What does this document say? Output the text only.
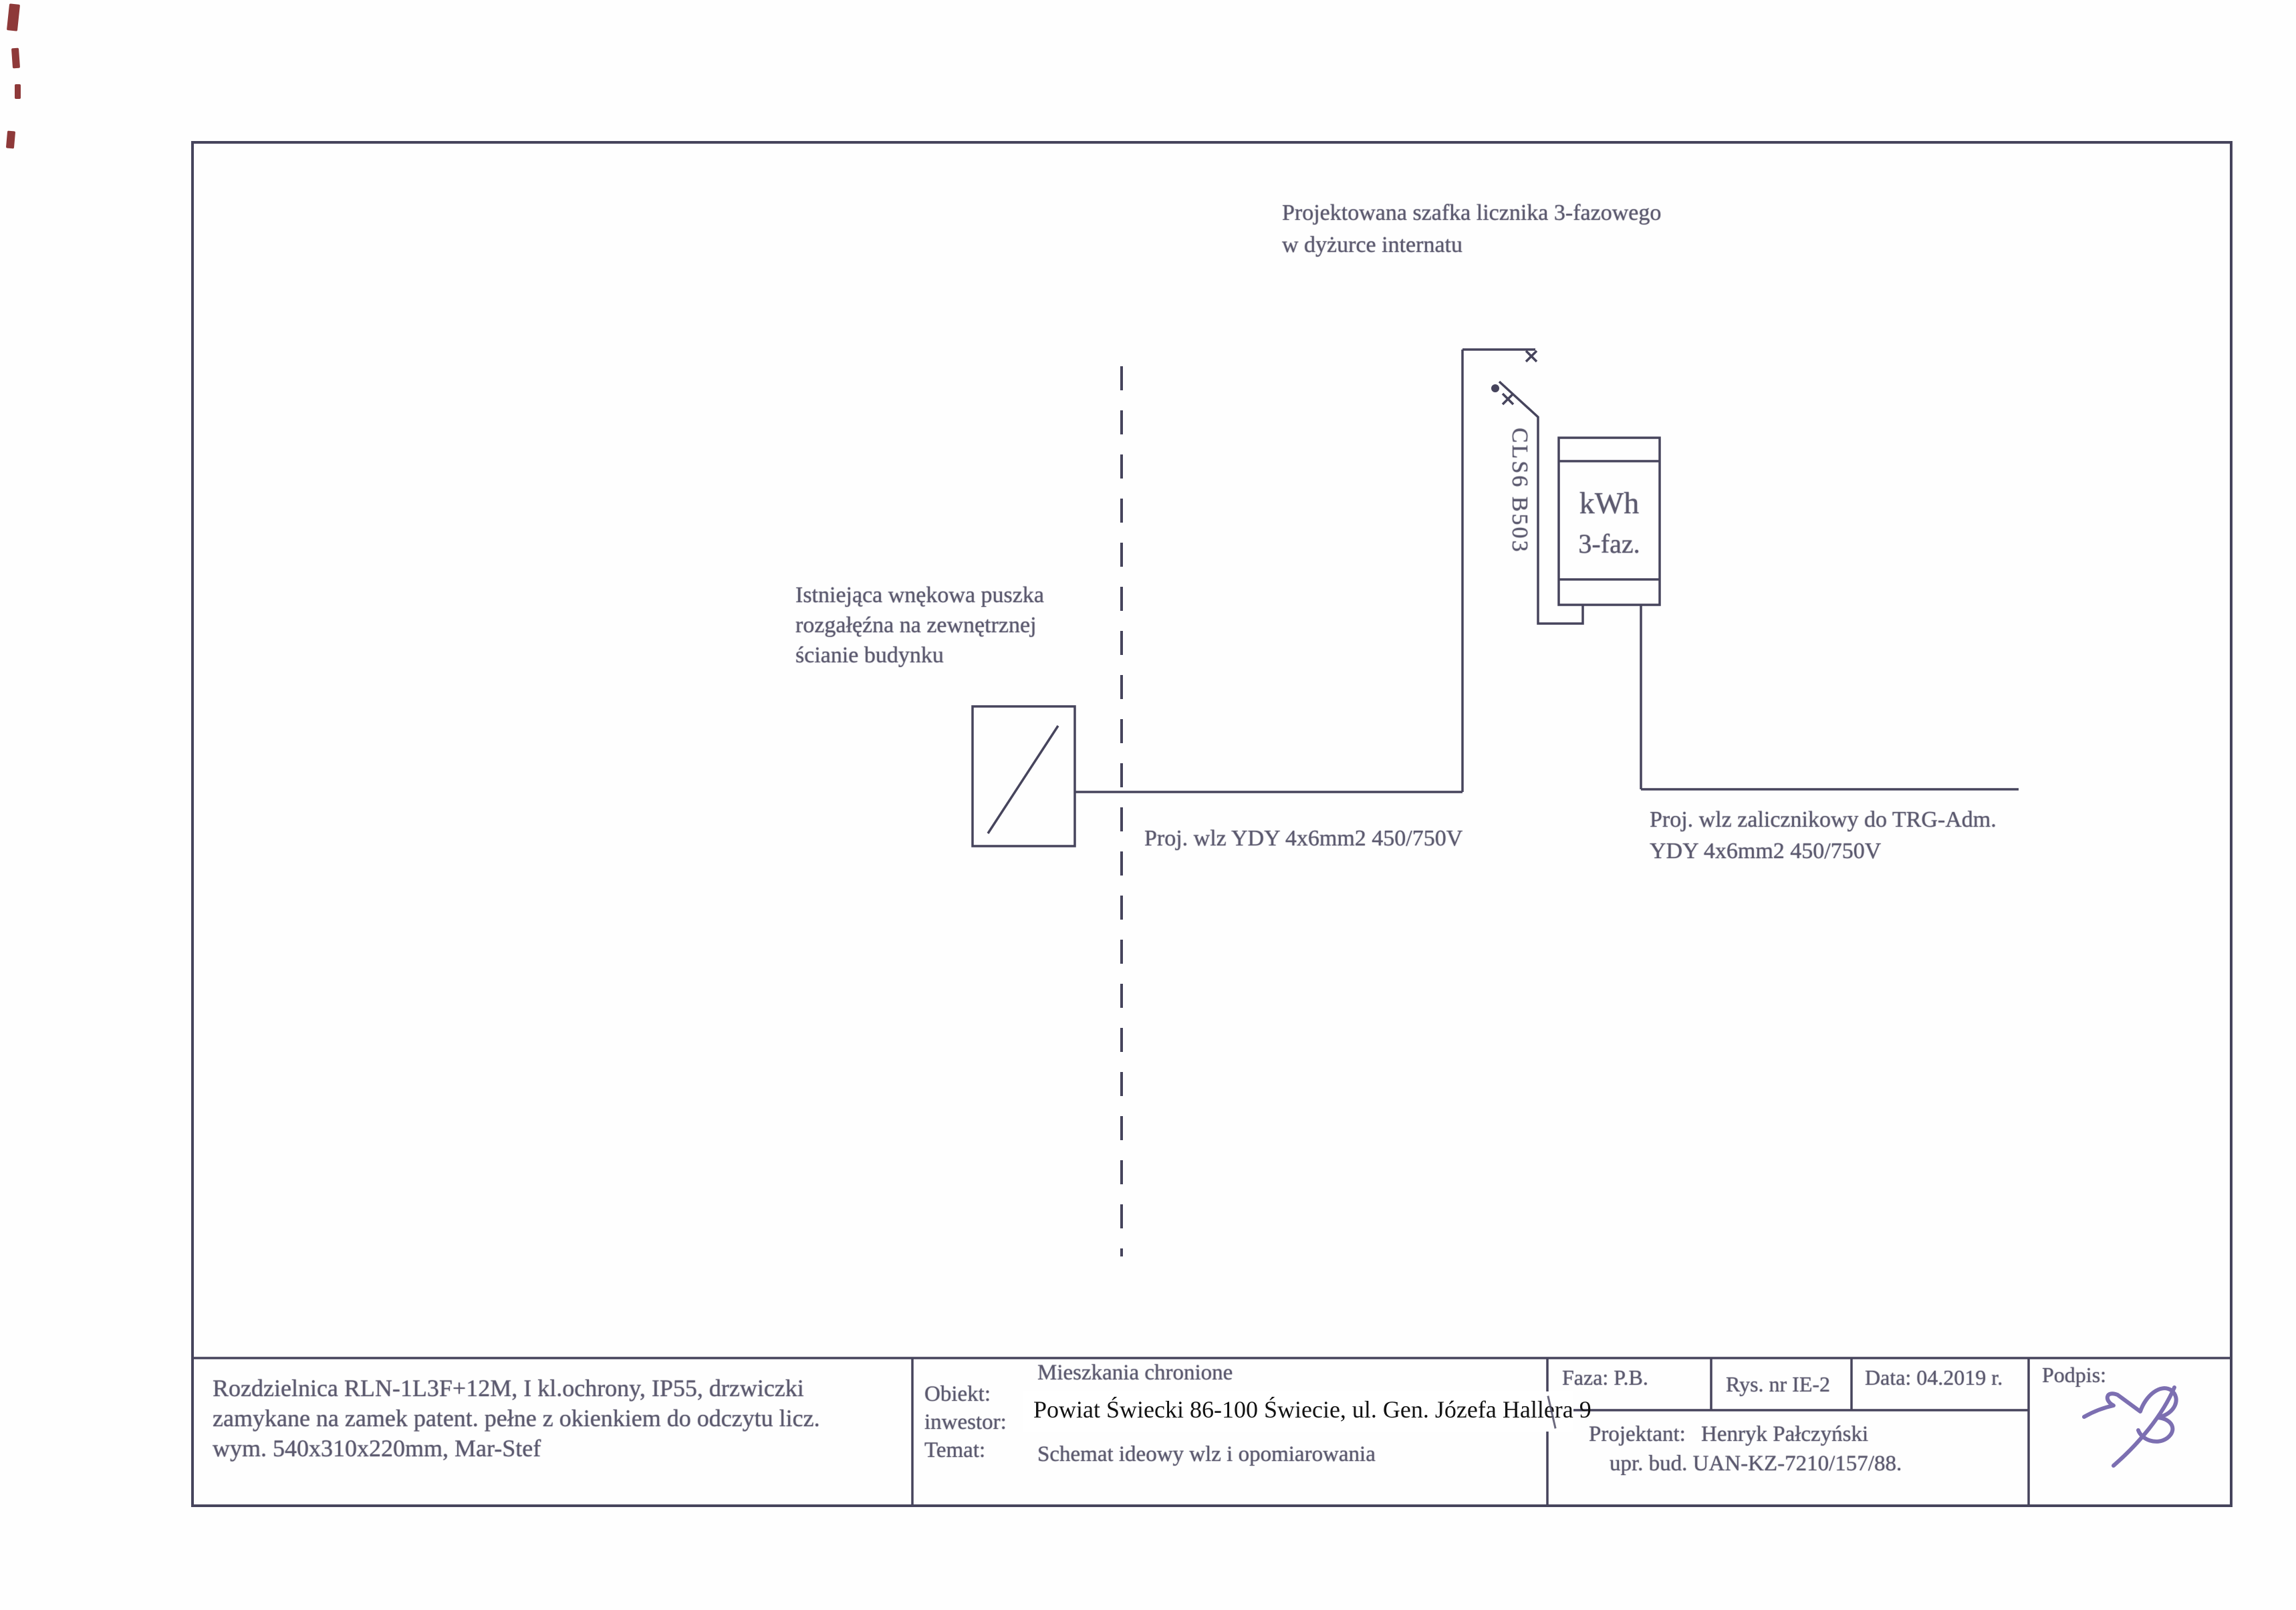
Projektowana szafka licznika 3-fazowego
w dyżurce internatu
Istniejąca wnękowa puszka
rozgałęźna na zewnętrznej
ścianie budynku
Proj. wlz YDY 4x6mm2 450/750V
Proj. wlz zalicznikowy do TRG-Adm.
YDY 4x6mm2 450/750V
CLS6 B503	kWh
3-faz.
Rozdzielnica RLN-1L3F+12M, I kl.ochrony, IP55, drzwiczki
zamykane na zamek patent. pełne z okienkiem do odczytu licz.
wym. 540x310x220mm, Mar-Stef
Obiekt:
Mieszkania chronione
inwestor:	Powiat Świecki 86-100 Świecie, ul. Gen. Józefa Hallera 9
Temat: Schemat ideowy wlz i opomiarowania
Faza: P.B.	Rys. nr IE-2 Data: 04.2019 r. Podpis:
Projektant: Henryk Pałczyński
upr. bud. UAN-KZ-7210/157/88.
